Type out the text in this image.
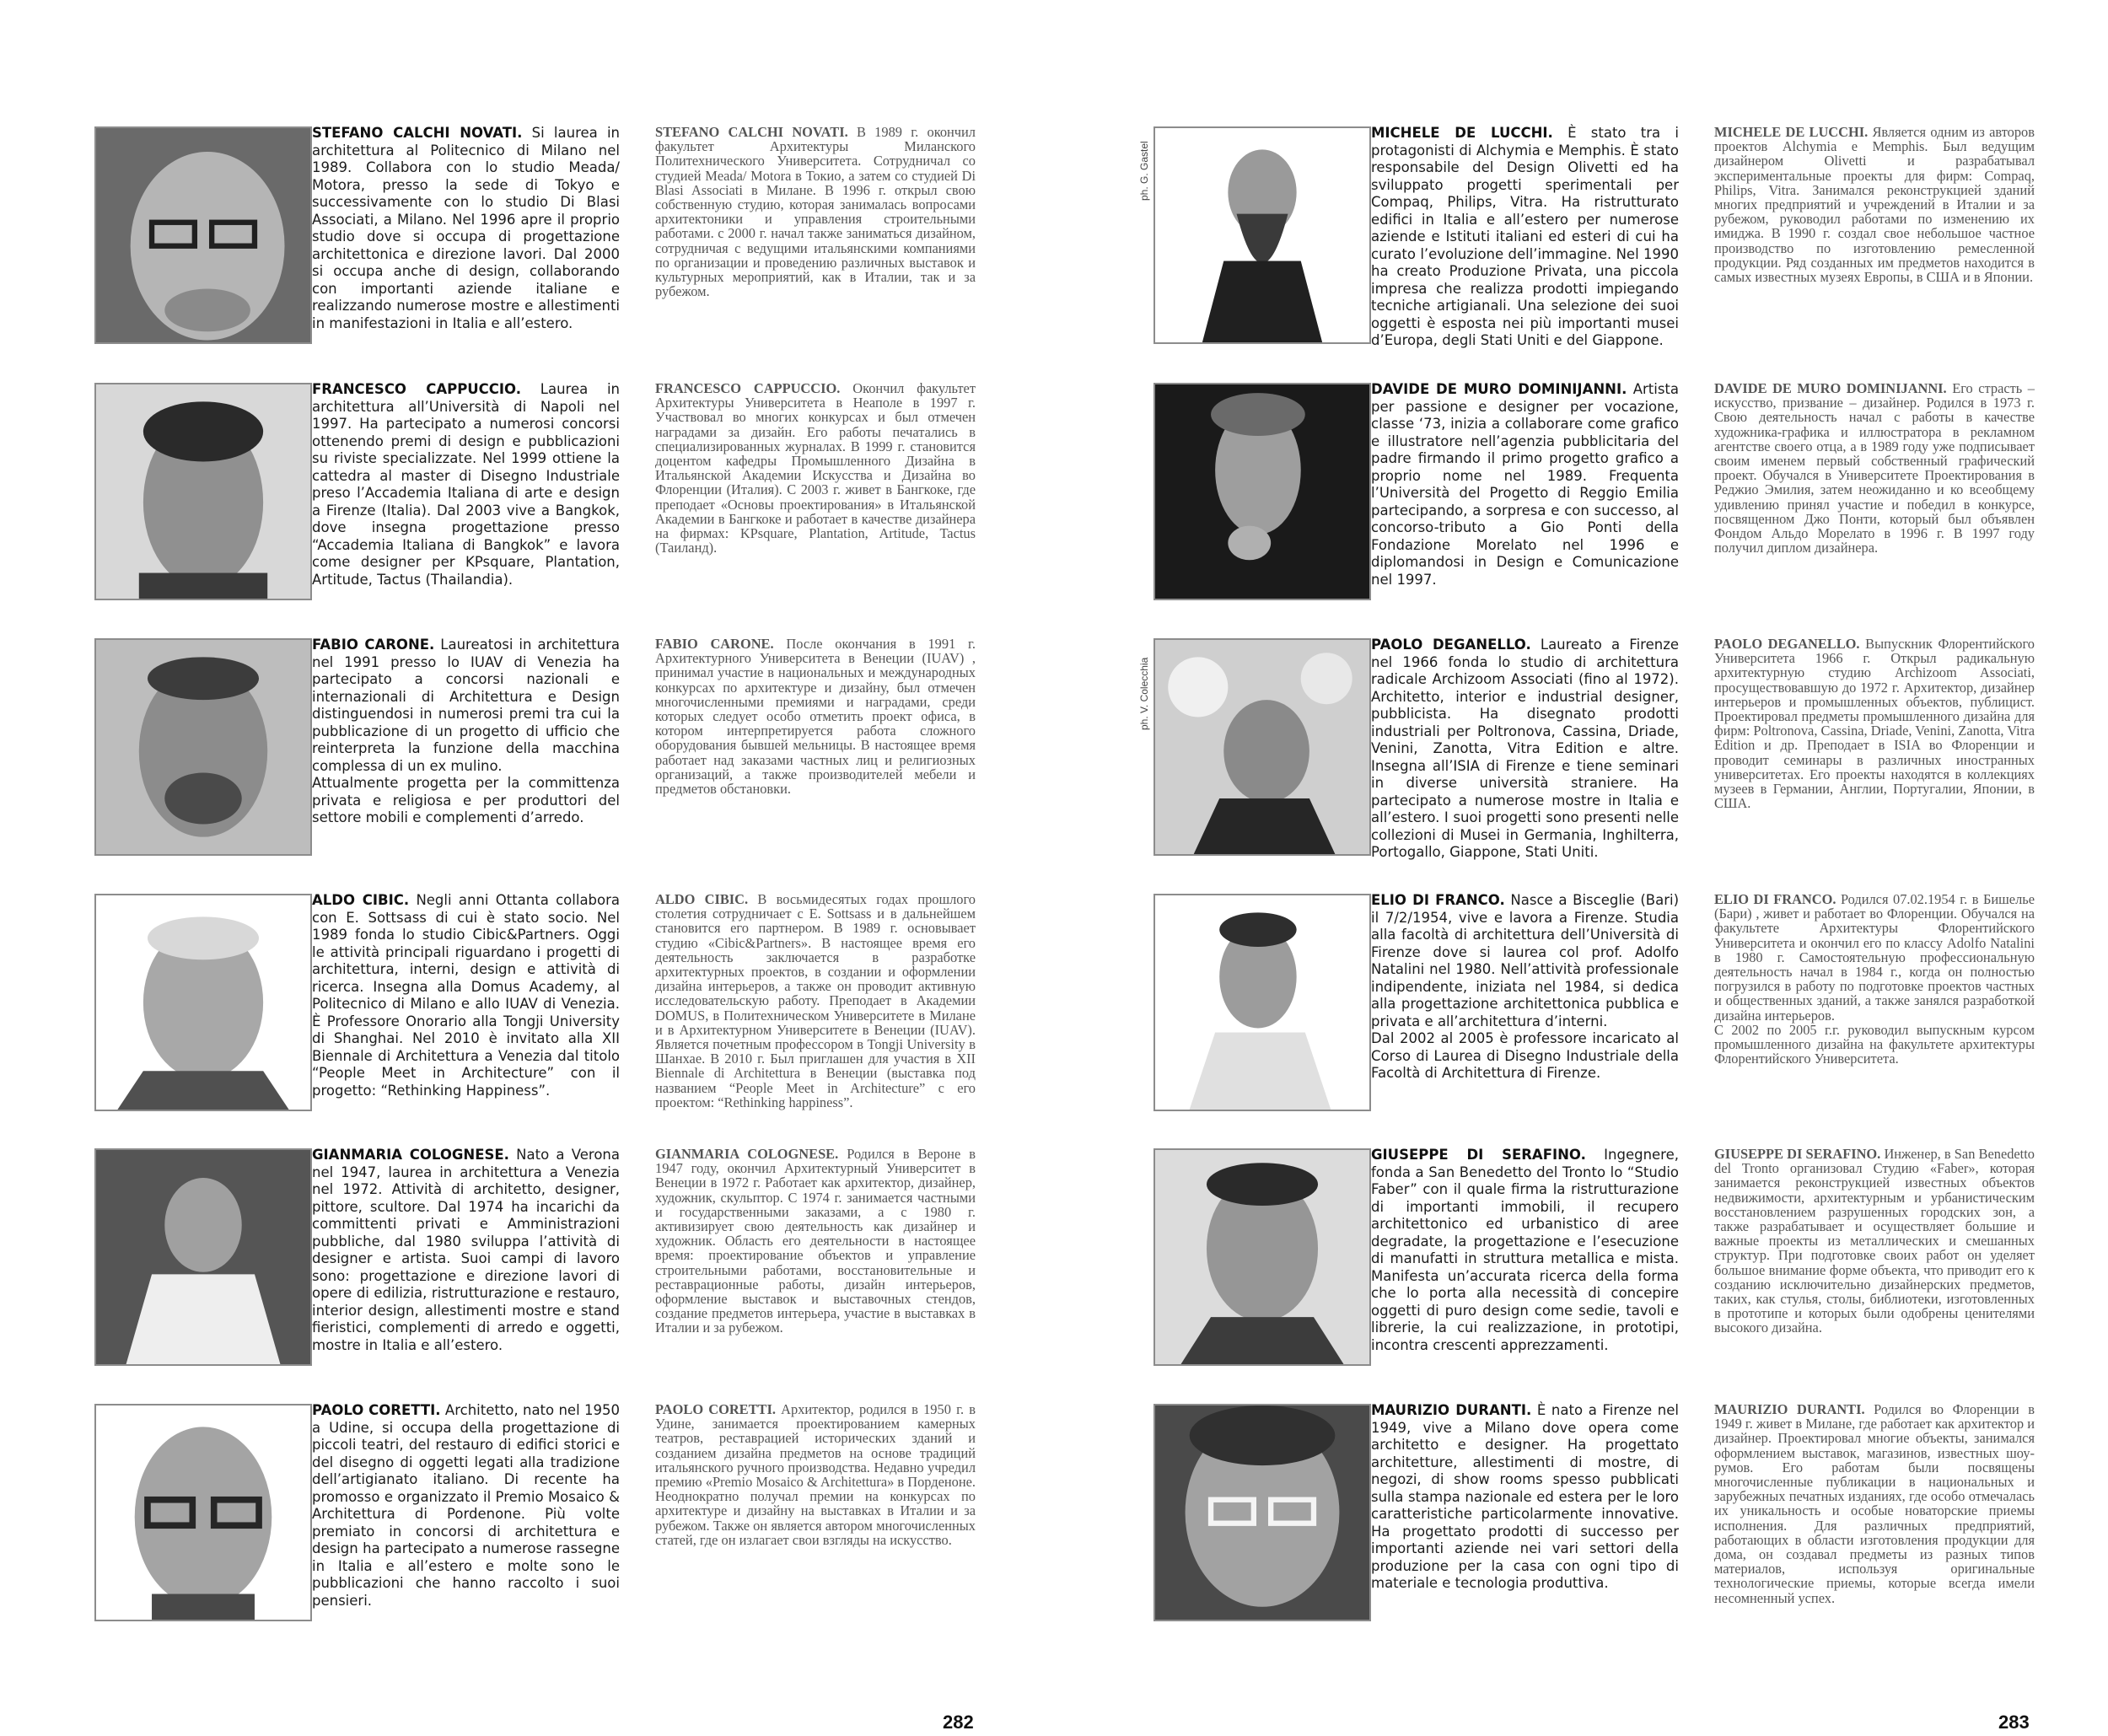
STEFANO CALCHI NOVATI. Si laurea in architettura al Politecnico di Milano nel 1989. Collabora con lo studio Meada/ Motora, presso la sede di Tokyo e successivamente con lo studio Di Blasi Associati, a Milano. Nel 1996 apre il proprio studio dove si occupa di progettazione architettonica e direzione lavori. Dal 2000 si occupa anche di design, collaborando con importanti aziende italiane e realizzando numerose mostre e allestimenti in manifestazioni in Italia e all’estero.

STEFANO CALCHI NOVATI. В 1989 г. окончил факультет Архитектуры Миланского Политехнического Университета. Сотрудничал со студией Meada/ Motora в Токио, а затем со студией Di Blasi Associati в Милане. В 1996 г. открыл свою собственную студию, которая занималась вопросами архитектоники и управления строительными работами. с 2000 г. начал также заниматься дизайном, сотрудничая с ведущими итальянскими компаниями по организации и проведению различных выставок и культурных мероприятий, как в Италии, так и за рубежом.

FRANCESCO CAPPUCCIO. Laurea in architettura all’Università di Napoli nel 1997. Ha partecipato a numerosi concorsi ottenendo premi di design e pubblicazioni su riviste specializzate. Nel 1999 ottiene la cattedra al master di Disegno Industriale preso l’Accademia Italiana di arte e design a Firenze (Italia). Dal 2003 vive a Bangkok, dove insegna progettazione presso “Accademia Italiana di Bangkok” e lavora come designer per KPsquare, Plantation, Artitude, Tactus (Thailandia).

FRANCESCO CAPPUCCIO. Окончил факультет Архитектуры Университета в Неаполе в 1997 г. Участвовал во многих конкурсах и был отмечен наградами за дизайн. Его работы печатались в специализированных журналах. В 1999 г. становится доцентом кафедры Промышленного Дизайна в Итальянской Академии Искусства и Дизайна во Флоренции (Италия). С 2003 г. живет в Бангкоке, где преподает «Основы проектирования» в Итальянской Академии в Бангкоке и работает в качестве дизайнера на фирмах: KPsquare, Plantation, Artitude, Tactus (Таиланд).

FABIO CARONE. Laureatosi in architettura nel 1991 presso lo IUAV di Venezia ha partecipato a concorsi nazionali e internazionali di Architettura e Design distinguendosi in numerosi premi tra cui la pubblicazione di un progetto di ufficio che reinterpreta la funzione della macchina complessa di un ex mulino.
Attualmente progetta per la committenza privata e religiosa e per produttori del settore mobili e complementi d’arredo.

FABIO CARONE. После окончания в 1991 г. Архитектурного Университета в Венеции (IUAV) , принимал участие в национальных и международных конкурсах по архитектуре и дизайну, был отмечен многочисленными премиями и наградами, среди которых следует особо отметить проект офиса, в котором интерпретируется работа сложного оборудования бывшей мельницы. В настоящее время работает над заказами частных лиц и религиозных организаций, а также производителей мебели и предметов обстановки.

ALDO CIBIC. Negli anni Ottanta collabora con E. Sottsass di cui è stato socio. Nel 1989 fonda lo studio Cibic&Partners. Oggi le attività principali riguardano i progetti di architettura, interni, design e attività di ricerca. Insegna alla Domus Academy, al Politecnico di Milano e allo IUAV di Venezia. È Professore Onorario alla Tongji University di Shanghai. Nel 2010 è invitato alla XII Biennale di Architettura a Venezia dal titolo “People Meet in Architecture” con il progetto: “Rethinking Happiness”.

ALDO CIBIC. В восьмидесятых годах прошлого столетия сотрудничает с E. Sottsass и в дальнейшем становится его партнером. В 1989 г. основывает студию «Cibic&Partners». В настоящее время его деятельность заключается в разработке архитектурных проектов, в создании и оформлении дизайна интерьеров, а также он проводит активную исследовательскую работу. Преподает в Академии DOMUS, в Политехническом Университете в Милане и в Архитектурном Университете в Венеции (IUAV). Является почетным профессором в Tongji University в Шанхае. В 2010 г. Был приглашен для участия в XII Biennale di Architettura в Венеции (выставка под названием “People Meet in Architecture” с его проектом: “Rethinking happiness”.

GIANMARIA COLOGNESE. Nato a Verona nel 1947, laurea in architettura a Venezia nel 1972. Attività di architetto, designer, pittore, scultore. Dal 1974 ha incarichi da committenti privati e Amministrazioni pubbliche, dal 1980 sviluppa l’attività di designer e artista. Suoi campi di lavoro sono: progettazione e direzione lavori di opere di edilizia, ristrutturazione e restauro, interior design, allestimenti mostre e stand fieristici, complementi di arredo e oggetti, mostre in Italia e all’estero.

GIANMARIA COLOGNESE. Родился в Вероне в 1947 году, окончил Архитектурный Университет в Венеции в 1972 г. Работает как архитектор, дизайнер, художник, скульптор. С 1974 г. занимается частными и государственными заказами, а с 1980 г. активизирует свою деятельность как дизайнер и художник. Область его деятельности в настоящее время: проектирование объектов и управление строительными работами, восстановительные и реставрационные работы, дизайн интерьеров, оформление выставок и выставочных стендов, создание предметов интерьера, участие в выставках в Италии и за рубежом.

PAOLO CORETTI. Architetto, nato nel 1950 a Udine, si occupa della progettazione di piccoli teatri, del restauro di edifici storici e del disegno di oggetti legati alla tradizione dell’artigianato italiano. Di recente ha promosso e organizzato il Premio Mosaico & Architettura di Pordenone. Più volte premiato in concorsi di architettura e design ha partecipato a numerose rassegne in Italia e all’estero e molte sono le pubblicazioni che hanno raccolto i suoi pensieri.

PAOLO CORETTI. Архитектор, родился в 1950 г. в Удине, занимается проектированием камерных театров, реставрацией исторических зданий и созданием дизайна предметов на основе традиций итальянского ручного производства. Недавно учредил премию «Premio Mosaico & Architettura» в Порденоне. Неоднократно получал премии на конкурсах по архитектуре и дизайну на выставках в Италии и за рубежом. Также он является автором многочисленных статей, где он излагает свои взгляды на искусство.

282

ph. G. Gastel

ph. V. Colecchia

MICHELE DE LUCCHI. È stato tra i protagonisti di Alchymia e Memphis. È stato responsabile del Design Olivetti ed ha sviluppato progetti sperimentali per Compaq, Philips, Vitra. Ha ristrutturato edifici in Italia e all’estero per numerose aziende e Istituti italiani ed esteri di cui ha curato l’evoluzione dell’immagine. Nel 1990 ha creato Produzione Privata, una piccola impresa che realizza prodotti impiegando tecniche artigianali. Una selezione dei suoi oggetti è esposta nei più importanti musei d’Europa, degli Stati Uniti e del Giappone.

MICHELE DE LUCCHI. Является одним из авторов проектов Alchymia e Memphis. Был ведущим дизайнером Olivetti и разрабатывал экспериментальные проекты для фирм: Compaq, Philips, Vitra. Занимался реконструкцией зданий многих предприятий и учреждений в Италии и за рубежом, руководил работами по изменению их имиджа. В 1990 г. создал свое небольшое частное производство по изготовлению ремесленной продукции. Ряд созданных им предметов находится в самых известных музеях Европы, в США и в Японии.

DAVIDE DE MURO DOMINIJANNI. Artista per passione e designer per vocazione, classe ‘73, inizia a collaborare come grafico e illustratore nell’agenzia pubblicitaria del padre firmando il primo progetto grafico a proprio nome nel 1989. Frequenta l’Università del Progetto di Reggio Emilia partecipando, a sorpresa e con successo, al concorso-tributo a Gio Ponti della Fondazione Morelato nel 1996 e diplomandosi in Design e Comunicazione nel 1997.

DAVIDE DE MURO DOMINIJANNI. Его страсть – искусство, призвание – дизайнер. Родился в 1973 г. Свою деятельность начал с работы в качестве художника-графика и иллюстратора в рекламном агентстве своего отца, а в 1989 году уже подписывает своим именем первый собственный графический проект. Обучался в Университете Проектирования в Реджио Эмилия, затем неожиданно и ко всеобщему удивлению принял участие и победил в конкурсе, посвященном Джо Понти, который был объявлен Фондом Альдо Морелато в 1996 г. В 1997 году получил диплом дизайнера.

PAOLO DEGANELLO. Laureato a Firenze nel 1966 fonda lo studio di architettura radicale Archizoom Associati (fino al 1972). Architetto, interior e industrial designer, pubblicista. Ha disegnato prodotti industriali per Poltronova, Cassina, Driade, Venini, Zanotta, Vitra Edition e altre. Insegna all’ISIA di Firenze e tiene seminari in diverse università straniere. Ha partecipato a numerose mostre in Italia e all’estero. I suoi progetti sono presenti nelle collezioni di Musei in Germania, Inghilterra, Portogallo, Giappone, Stati Uniti.

PAOLO DEGANELLO. Выпускник Флорентийского Университета 1966 г. Открыл радикальную архитектурную студию Archizoom Associati, просуществовавшую до 1972 г. Архитектор, дизайнер интерьеров и промышленных объектов, публицист. Проектировал предметы промышленного дизайна для фирм: Poltronova, Cassina, Driade, Venini, Zanotta, Vitra Edition и др. Преподает в ISIA во Флоренции и проводит семинары в различных иностранных университетах. Его проекты находятся в коллекциях музеев в Германии, Англии, Португалии, Японии, в США.

ELIO DI FRANCO. Nasce a Bisceglie (Bari) il 7/2/1954, vive e lavora a Firenze. Studia alla facoltà di architettura dell’Università di Firenze dove si laurea col prof. Adolfo Natalini nel 1980. Nell’attività professionale indipendente, iniziata nel 1984, si dedica alla progettazione architettonica pubblica e privata e all’architettura d’interni.
Dal 2002 al 2005 è professore incaricato al Corso di Laurea di Disegno Industriale della Facoltà di Architettura di Firenze.

ELIO DI FRANCO. Родился 07.02.1954 г. в Бишелье (Бари) , живет и работает во Флоренции. Обучался на факультете Архитектуры Флорентийского Университета и окончил его по классу Adolfo Natalini в 1980 г. Самостоятельную профессиональную деятельность начал в 1984 г., когда он полностью погрузился в работу по подготовке проектов частных и общественных зданий, а также занялся разработкой дизайна интерьеров.
С 2002 по 2005 г.г. руководил выпускным курсом промышленного дизайна на факультете архитектуры Флорентийского Университета.

GIUSEPPE DI SERAFINO. Ingegnere, fonda a San Benedetto del Tronto lo “Studio Faber” con il quale firma la ristrutturazione di importanti immobili, il recupero architettonico ed urbanistico di aree degradate, la progettazione e l’esecuzione di manufatti in struttura metallica e mista. Manifesta un’accurata ricerca della forma che lo porta alla necessità di concepire oggetti di puro design come sedie, tavoli e librerie, la cui realizzazione, in prototipi, incontra crescenti apprezzamenti.

GIUSEPPE DI SERAFINO. Инженер, в San Benedetto del Tronto организовал Студию «Faber», которая занимается реконструкцией известных объектов недвижимости, архитектурным и урбанистическим восстановлением разрушенных городских зон, а также разрабатывает и осуществляет большие и важные проекты из металлических и смешанных структур. При подготовке своих работ он уделяет большое внимание форме объекта, что приводит его к созданию исключительно дизайнерских предметов, таких, как стулья, столы, библиотеки, изготовленных в прототипе и которых были одобрены ценителями высокого дизайна.

MAURIZIO DURANTI. È nato a Firenze nel 1949, vive a Milano dove opera come architetto e designer. Ha progettato architetture, allestimenti di mostre, di negozi, di show rooms spesso pubblicati sulla stampa nazionale ed estera per le loro caratteristiche particolarmente innovative. Ha progettato prodotti di successo per importanti aziende nei vari settori della produzione per la casa con ogni tipo di materiale e tecnologia produttiva.

MAURIZIO DURANTI. Родился во Флоренции в 1949 г. живет в Милане, где работает как архитектор и дизайнер. Проектировал многие объекты, занимался оформлением выставок, магазинов, известных шоу-румов. Его работам были посвящены многочисленные публикации в национальных и зарубежных печатных изданиях, где особо отмечалась их уникальность и особые новаторские приемы исполнения. Для различных предприятий, работающих в области изготовления продукции для дома, он создавал предметы из разных типов материалов, используя оригинальные технологические приемы, которые всегда имели несомненный успех.

283
